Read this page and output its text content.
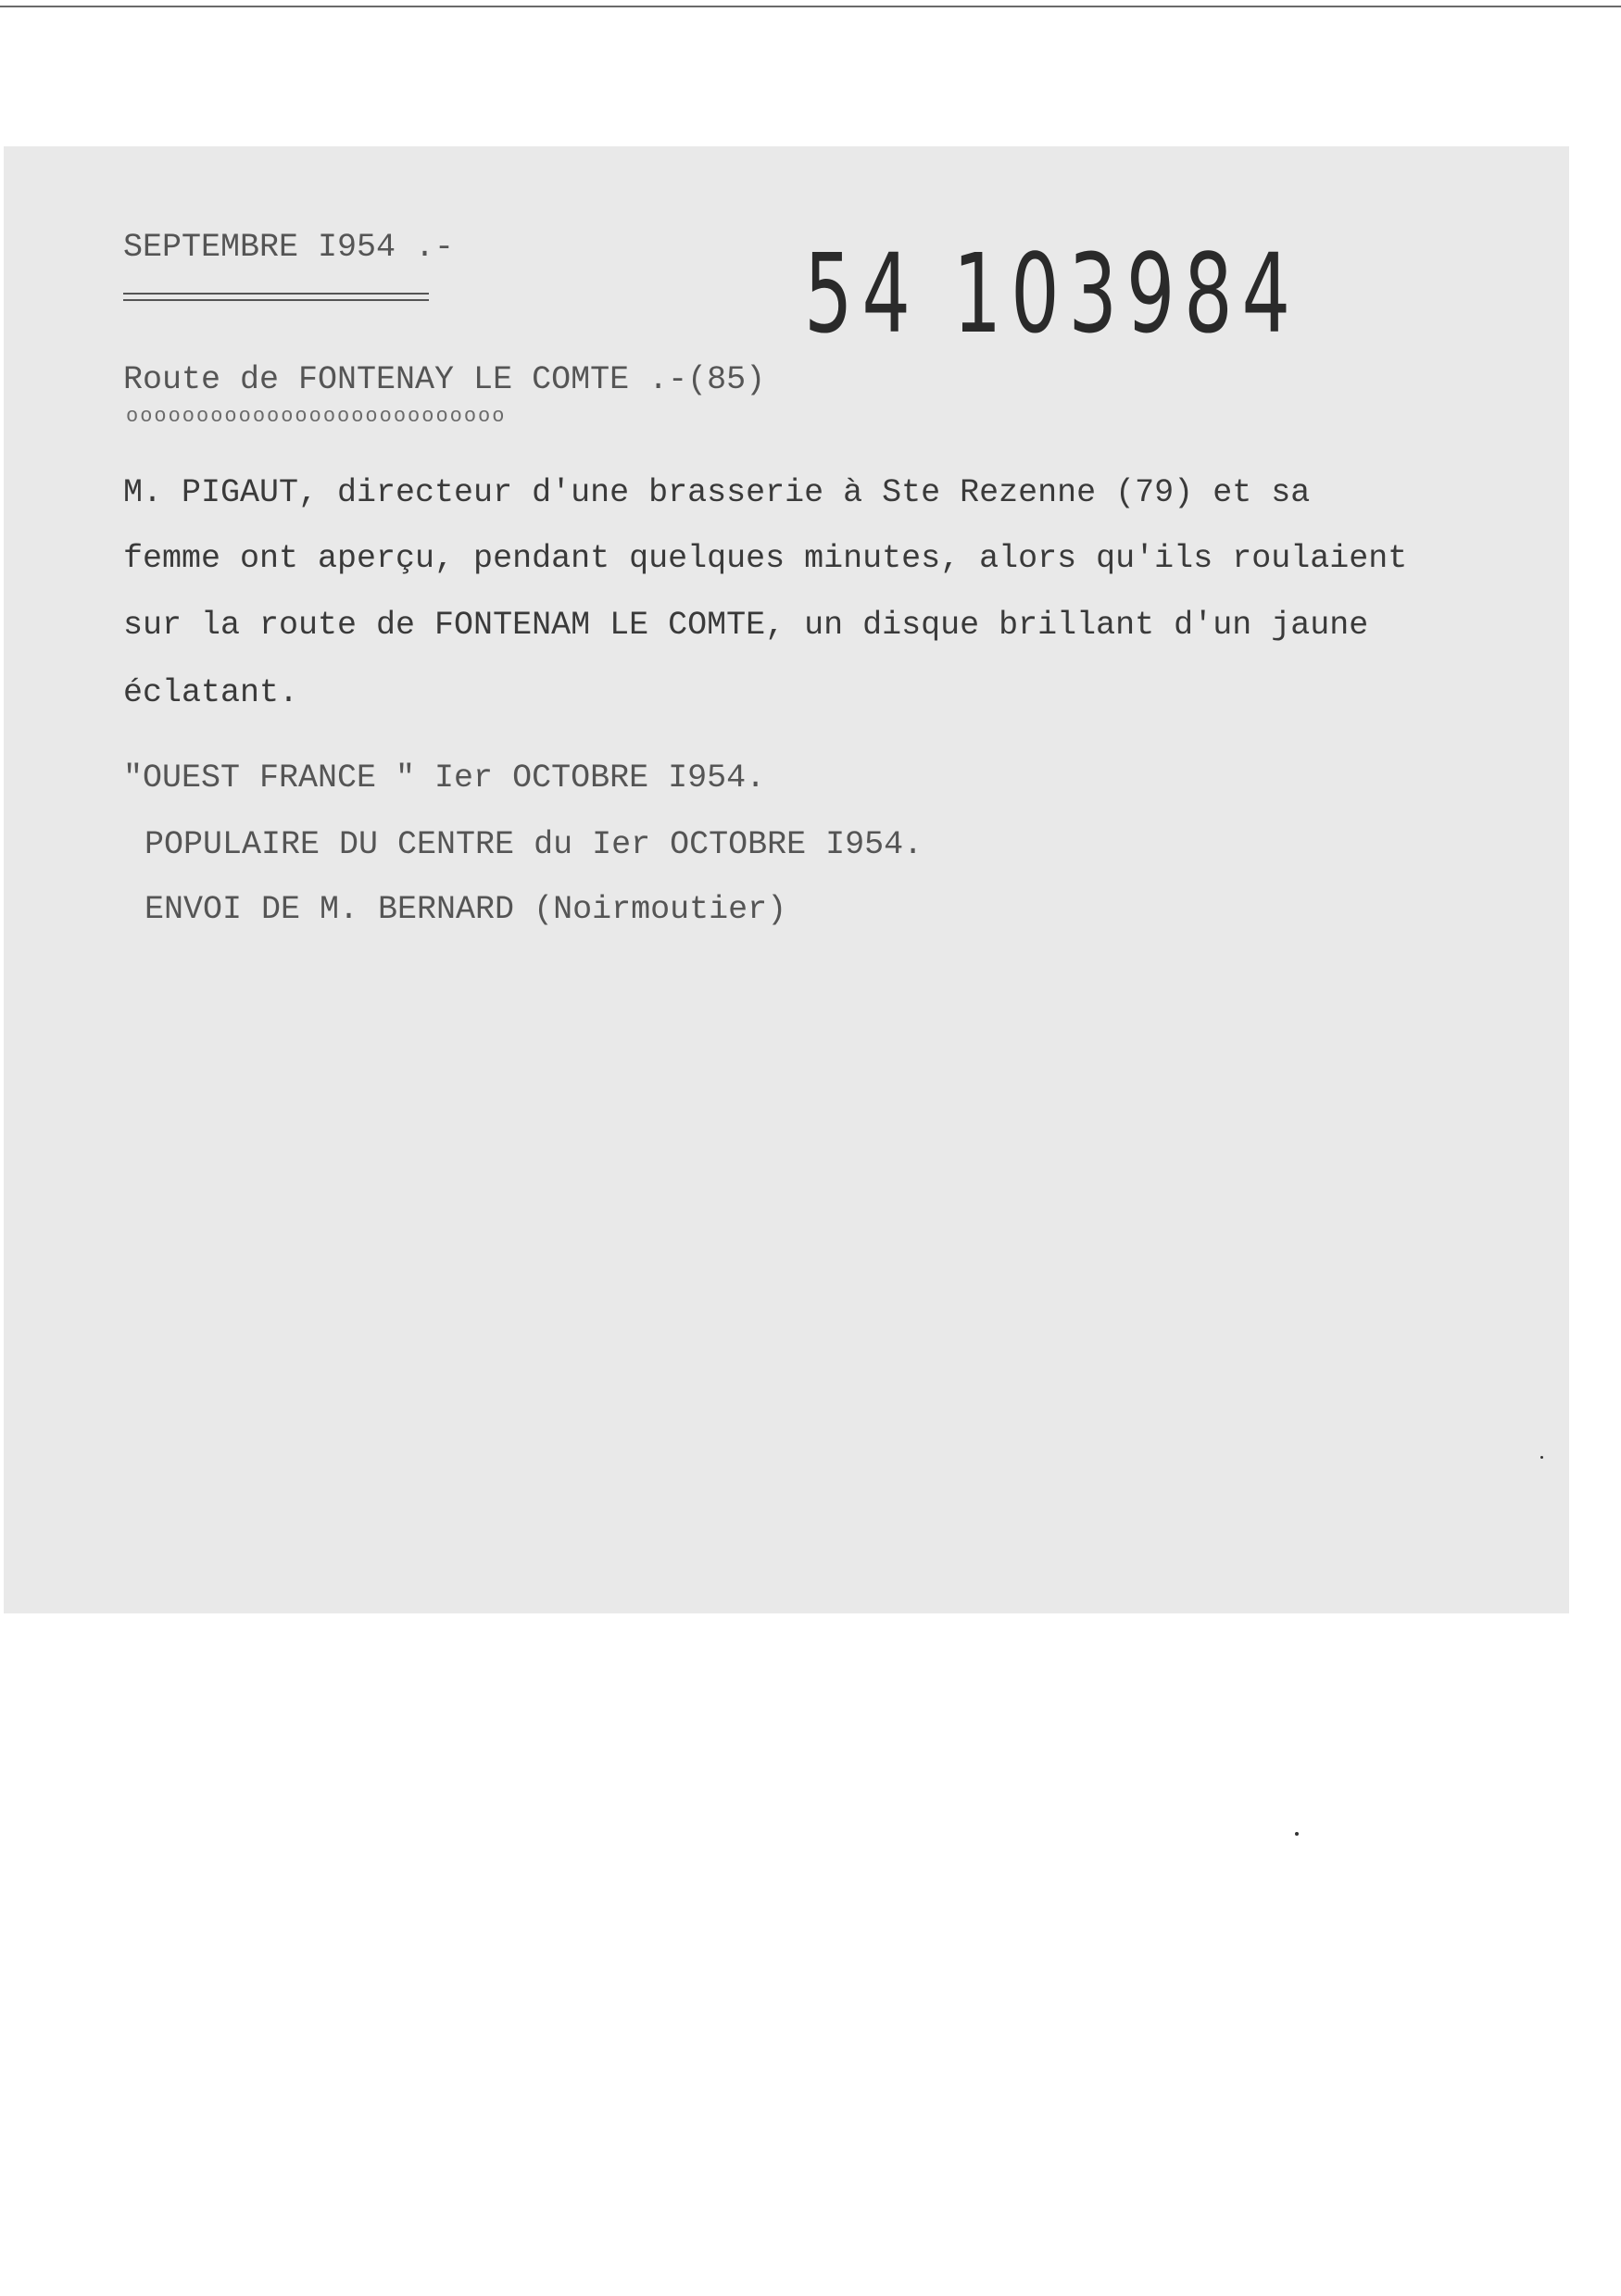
SEPTEMBRE I954 .-	54 103984

Route de FONTENAY LE COMTE .-(85)

ooooooooooooooooooooooooooo

M. PIGAUT, directeur d'une brasserie à Ste Rezenne (79) et sa

femme ont aperçu, pendant quelques minutes, alors qu'ils roulaient

sur la route de FONTENAM LE COMTE, un disque brillant d'un jaune

éclatant.

"OUEST FRANCE " Ier OCTOBRE I954.

POPULAIRE DU CENTRE du Ier OCTOBRE I954.

ENVOI DE M. BERNARD (Noirmoutier)
